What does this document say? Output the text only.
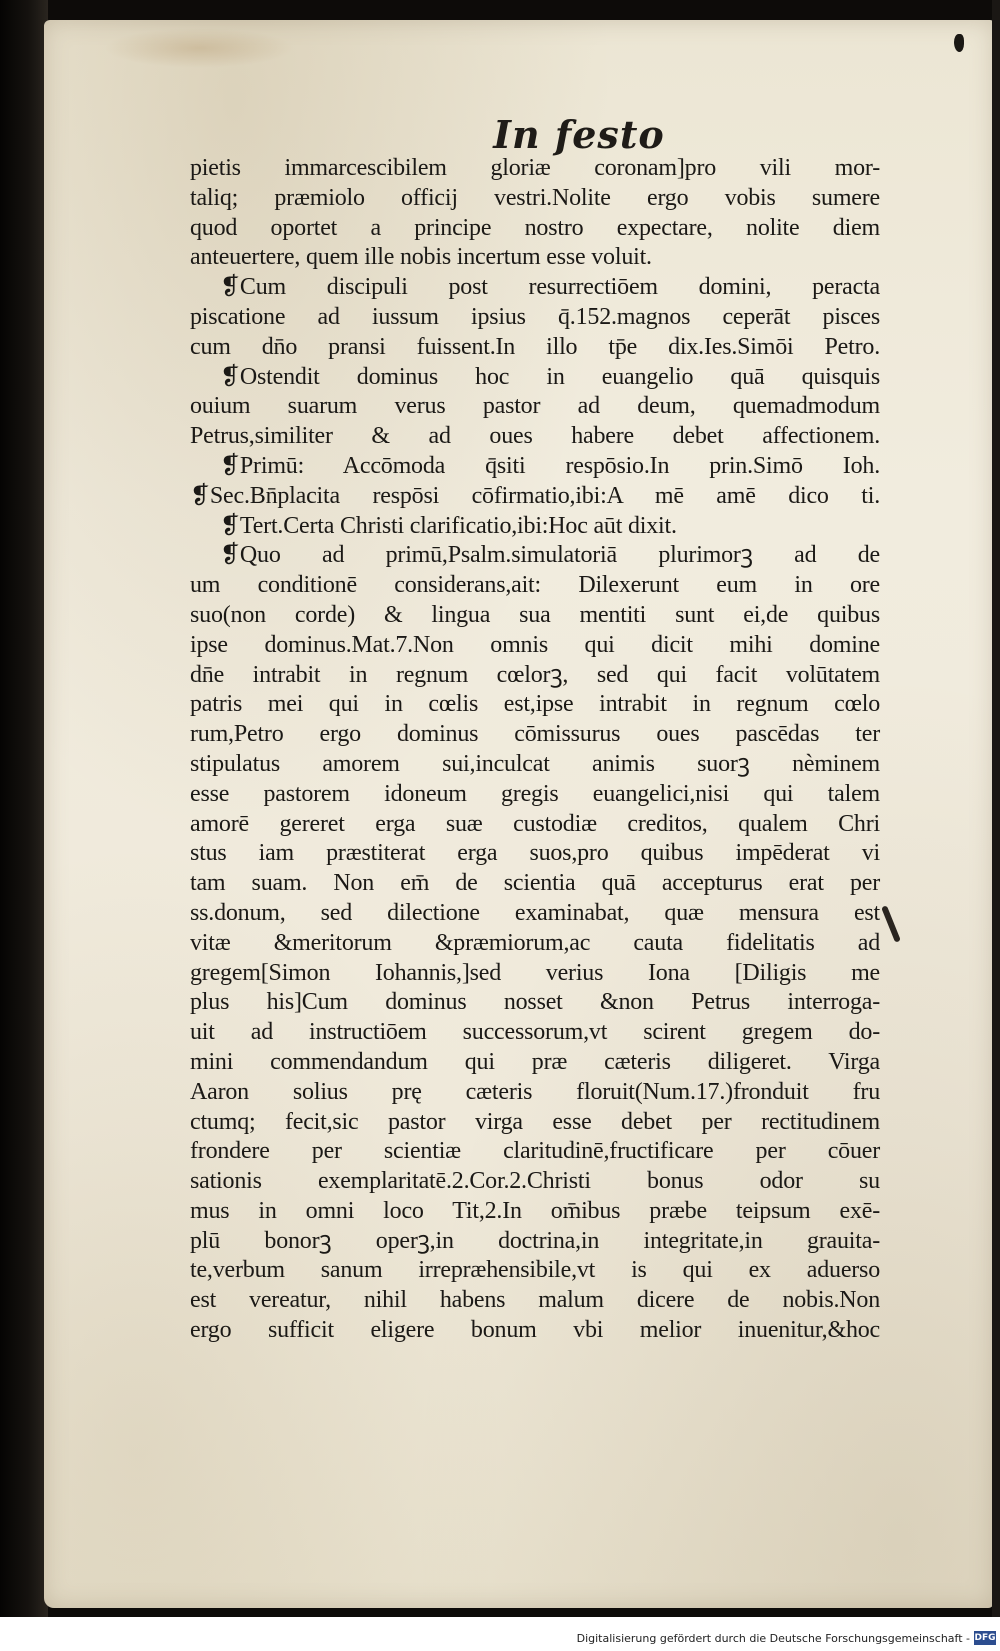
In festo
pietis immarcescibilem gloriæ coronam]pro vili mor-
taliq; præmiolo officij vestri.Nolite ergo vobis sumere
quod oportet a principe nostro expectare, nolite diem
anteuertere, quem ille nobis incertum esse voluit.
❡Cum discipuli post resurrectiōem domini, peracta
piscatione ad iussum ipsius q̄.152.magnos ceperāt pisces
cum dn̄o pransi fuissent.In illo tp̄e dix.Ies.Simōi Petro.
❡Ostendit dominus hoc in euangelio quā quisquis
ouium suarum verus pastor ad deum, quemadmodum
Petrus,similiter & ad oues habere debet affectionem.
❡Primū: Accōmoda q̄siti respōsio.In prin.Simō Ioh.
❡Sec.Bn̄placita respōsi cōfirmatio,ibi:A mē amē dico ti.
❡Tert.Certa Christi clarificatio,ibi:Hoc aūt dixit.
❡Quo ad primū,Psalm.simulatoriā plurimorꝫ ad de
um conditionē considerans,ait: Dilexerunt eum in ore
suo(non corde) & lingua sua mentiti sunt ei,de quibus
ipse dominus.Mat.7.Non omnis qui dicit mihi domine
dn̄e intrabit in regnum cœlorꝫ, sed qui facit volūtatem
patris mei qui in cœlis est,ipse intrabit in regnum cœlo
rum,Petro ergo dominus cōmissurus oues pascēdas ter
stipulatus amorem sui,inculcat animis suorꝫ nèminem
esse pastorem idoneum gregis euangelici,nisi qui talem
amorē gereret erga suæ custodiæ creditos, qualem Chri
stus iam præstiterat erga suos,pro quibus impēderat vi
tam suam. Non em̄ de scientia quā accepturus erat per
ss.donum, sed dilectione examinabat, quæ mensura est
vitæ &meritorum &præmiorum,ac cauta fidelitatis ad
gregem[Simon Iohannis,]sed verius Iona [Diligis me
plus his]Cum dominus nosset &non Petrus interroga-
uit ad instructiōem successorum,vt scirent gregem do-
mini commendandum qui præ cæteris diligeret. Virga
Aaron solius prę cæteris floruit(Num.17.)fronduit fru
ctumq; fecit,sic pastor virga esse debet per rectitudinem
frondere per scientiæ claritudinē,fructificare per cōuer
sationis exemplaritatē.2.Cor.2.Christi bonus odor su
mus in omni loco Tit,2.In om̄ibus præbe teipsum exē-
plū bonorꝫ operꝫ,in doctrina,in integritate,in grauita-
te,verbum sanum irrepræhensibile,vt is qui ex aduerso
est vereatur, nihil habens malum dicere de nobis.Non
ergo sufficit eligere bonum vbi melior inuenitur,&hoc
Digitalisierung gefördert durch die Deutsche Forschungsgemeinschaft - DFG
